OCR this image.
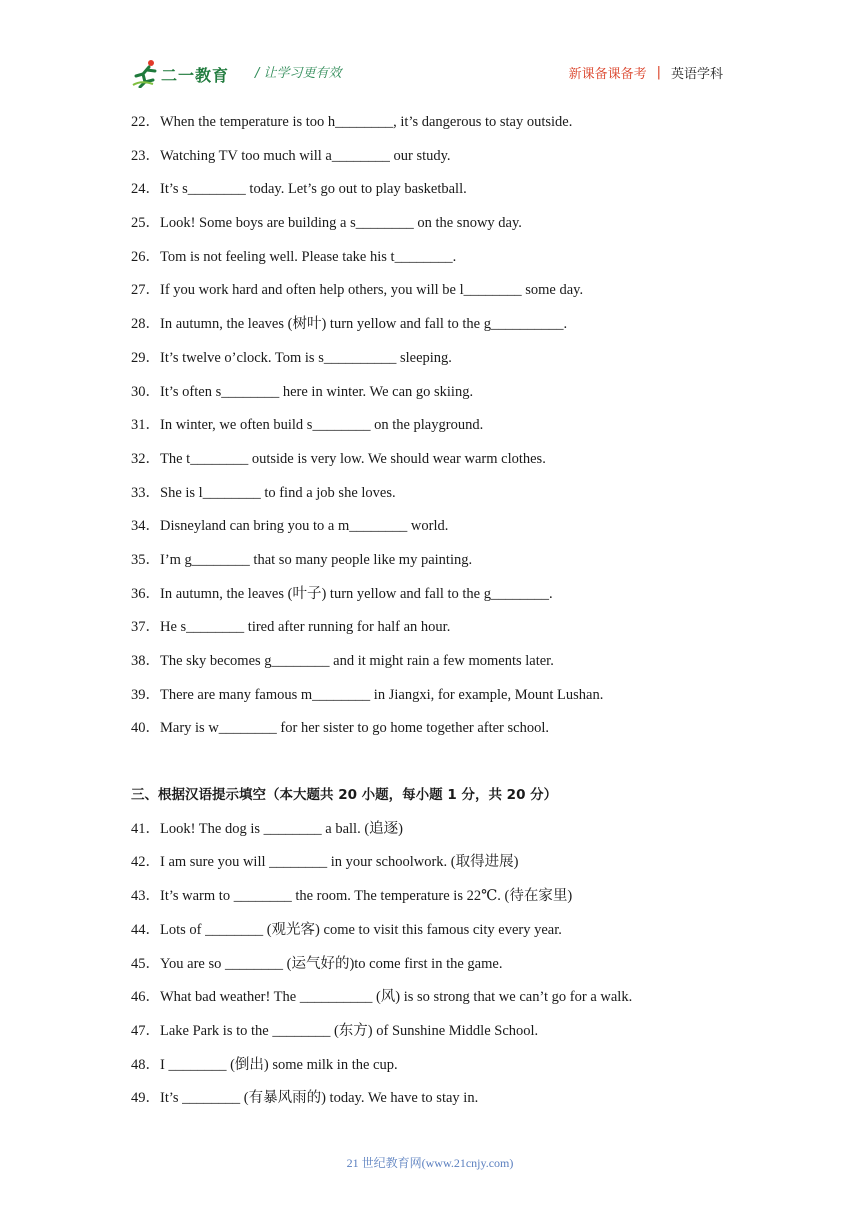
二一教育 / 让学习更有效	新课备课备考 | 英语学科
22．When the temperature is too h________, it’s dangerous to stay outside.
23．Watching TV too much will a________ our study.
24．It’s s________ today. Let’s go out to play basketball.
25．Look! Some boys are building a s________ on the snowy day.
26．Tom is not feeling well. Please take his t________.
27．If you work hard and often help others, you will be l________ some day.
28．In autumn, the leaves (树叶) turn yellow and fall to the g__________.
29．It’s twelve o’clock. Tom is s__________ sleeping.
30．It’s often s________ here in winter. We can go skiing.
31．In winter, we often build s________ on the playground.
32．The t________ outside is very low. We should wear warm clothes.
33．She is l________ to find a job she loves.
34．Disneyland can bring you to a m________ world.
35．I’m g________ that so many people like my painting.
36．In autumn, the leaves (叶子) turn yellow and fall to the g________.
37．He s________ tired after running for half an hour.
38．The sky becomes g________ and it might rain a few moments later.
39．There are many famous m________ in Jiangxi, for example, Mount Lushan.
40．Mary is w________ for her sister to go home together after school.
三、根据汉语提示填空（本大题共 20 小题，每小题 1 分，共 20 分）
41．Look! The dog is ________ a ball. (追逐)
42．I am sure you will ________ in your schoolwork. (取得进展)
43．It’s warm to ________ the room. The temperature is 22℃. (待在家里)
44．Lots of ________ (观光客) come to visit this famous city every year.
45．You are so ________ (运气好的)to come first in the game.
46．What bad weather! The __________ (风) is so strong that we can’t go for a walk.
47．Lake Park is to the ________ (东方) of Sunshine Middle School.
48．I ________ (倒出) some milk in the cup.
49．It’s ________ (有暴风雨的) today. We have to stay in.
21 世纪教育网(www.21cnjy.com)
